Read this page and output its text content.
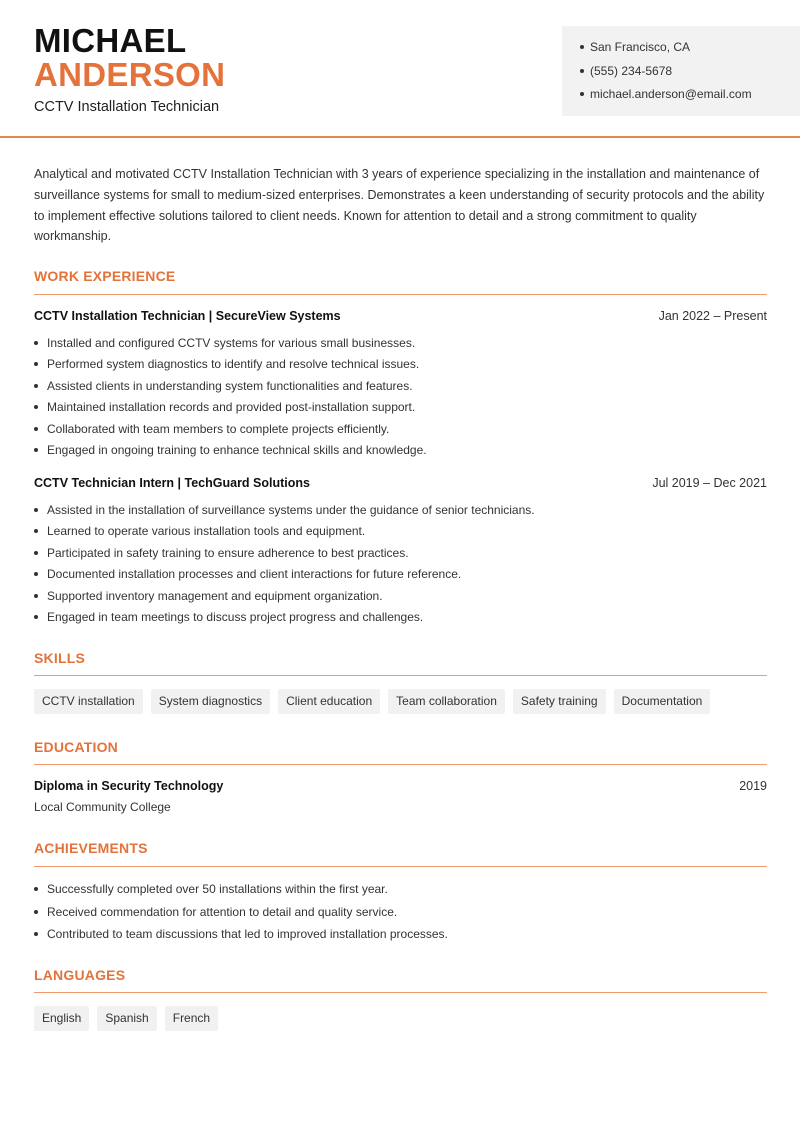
MICHAEL
ANDERSON
CCTV Installation Technician
San Francisco, CA
(555) 234-5678
michael.anderson@email.com

Analytical and motivated CCTV Installation Technician with 3 years of experience specializing in the installation and maintenance of surveillance systems for small to medium-sized enterprises. Demonstrates a keen understanding of security protocols and the ability to implement effective solutions tailored to client needs. Known for attention to detail and a strong commitment to quality workmanship.

WORK EXPERIENCE
CCTV Installation Technician | SecureView Systems	Jan 2022 – Present
Installed and configured CCTV systems for various small businesses.
Performed system diagnostics to identify and resolve technical issues.
Assisted clients in understanding system functionalities and features.
Maintained installation records and provided post-installation support.
Collaborated with team members to complete projects efficiently.
Engaged in ongoing training to enhance technical skills and knowledge.
CCTV Technician Intern | TechGuard Solutions	Jul 2019 – Dec 2021
Assisted in the installation of surveillance systems under the guidance of senior technicians.
Learned to operate various installation tools and equipment.
Participated in safety training to ensure adherence to best practices.
Documented installation processes and client interactions for future reference.
Supported inventory management and equipment organization.
Engaged in team meetings to discuss project progress and challenges.
SKILLS
CCTV installation	System diagnostics	Client education	Team collaboration	Safety training	Documentation
EDUCATION
Diploma in Security Technology	2019
Local Community College
ACHIEVEMENTS
Successfully completed over 50 installations within the first year.
Received commendation for attention to detail and quality service.
Contributed to team discussions that led to improved installation processes.
LANGUAGES
English	Spanish	French
